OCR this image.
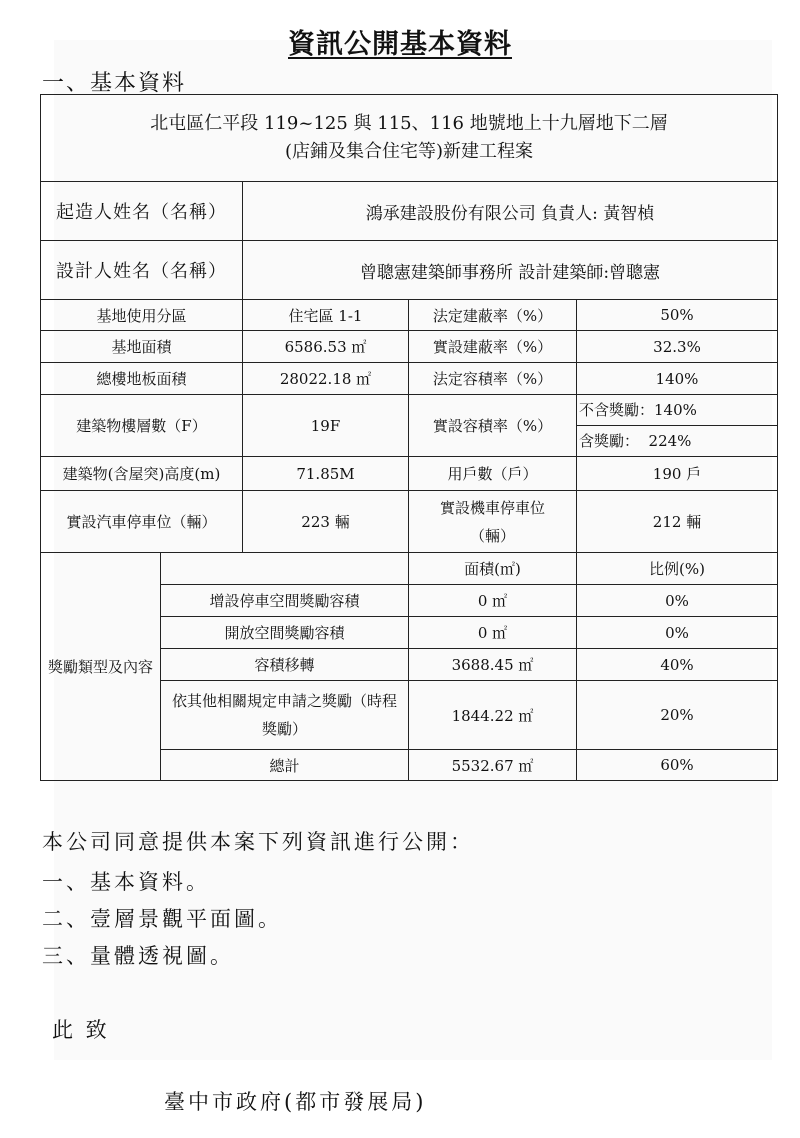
資訊公開基本資料
一、基本資料
北屯區仁平段 119~125 與 115、116 地號地上十九層地下二層
(店鋪及集合住宅等)新建工程案				

起造人姓名（名稱）		鴻承建設股份有限公司 負責人: 黃智楨		
設計人姓名（名稱）		曾聰憲建築師事務所 設計建築師:曾聰憲		
基地使用分區		住宅區 1-1	法定建蔽率（%）	50%
基地面積		6586.53 ㎡	實設建蔽率（%）	32.3%
總樓地板面積		28022.18 ㎡	法定容積率（%）	140%
建築物樓層數（F）		19F	實設容積率（%）	不含獎勵：140%
含獎勵：  224%

建築物(含屋突)高度(m)		71.85M	用戶數（戶）	190 戶
實設汽車停車位（輛）		223 輛	實設機車停車位（輛）	212 輛
獎勵類型及內容			面積(㎡)	比例(%)
	增設停車空間獎勵容積		0 ㎡	0%
	開放空間獎勵容積		0 ㎡	0%
	容積移轉		3688.45 ㎡	40%
	依其他相關規定申請之獎勵（時程獎勵）		1844.22 ㎡	20%
	總計		5532.67 ㎡	60%
本公司同意提供本案下列資訊進行公開：
一、基本資料。
二、壹層景觀平面圖。
三、量體透視圖。
此 致
臺中市政府(都市發展局)
